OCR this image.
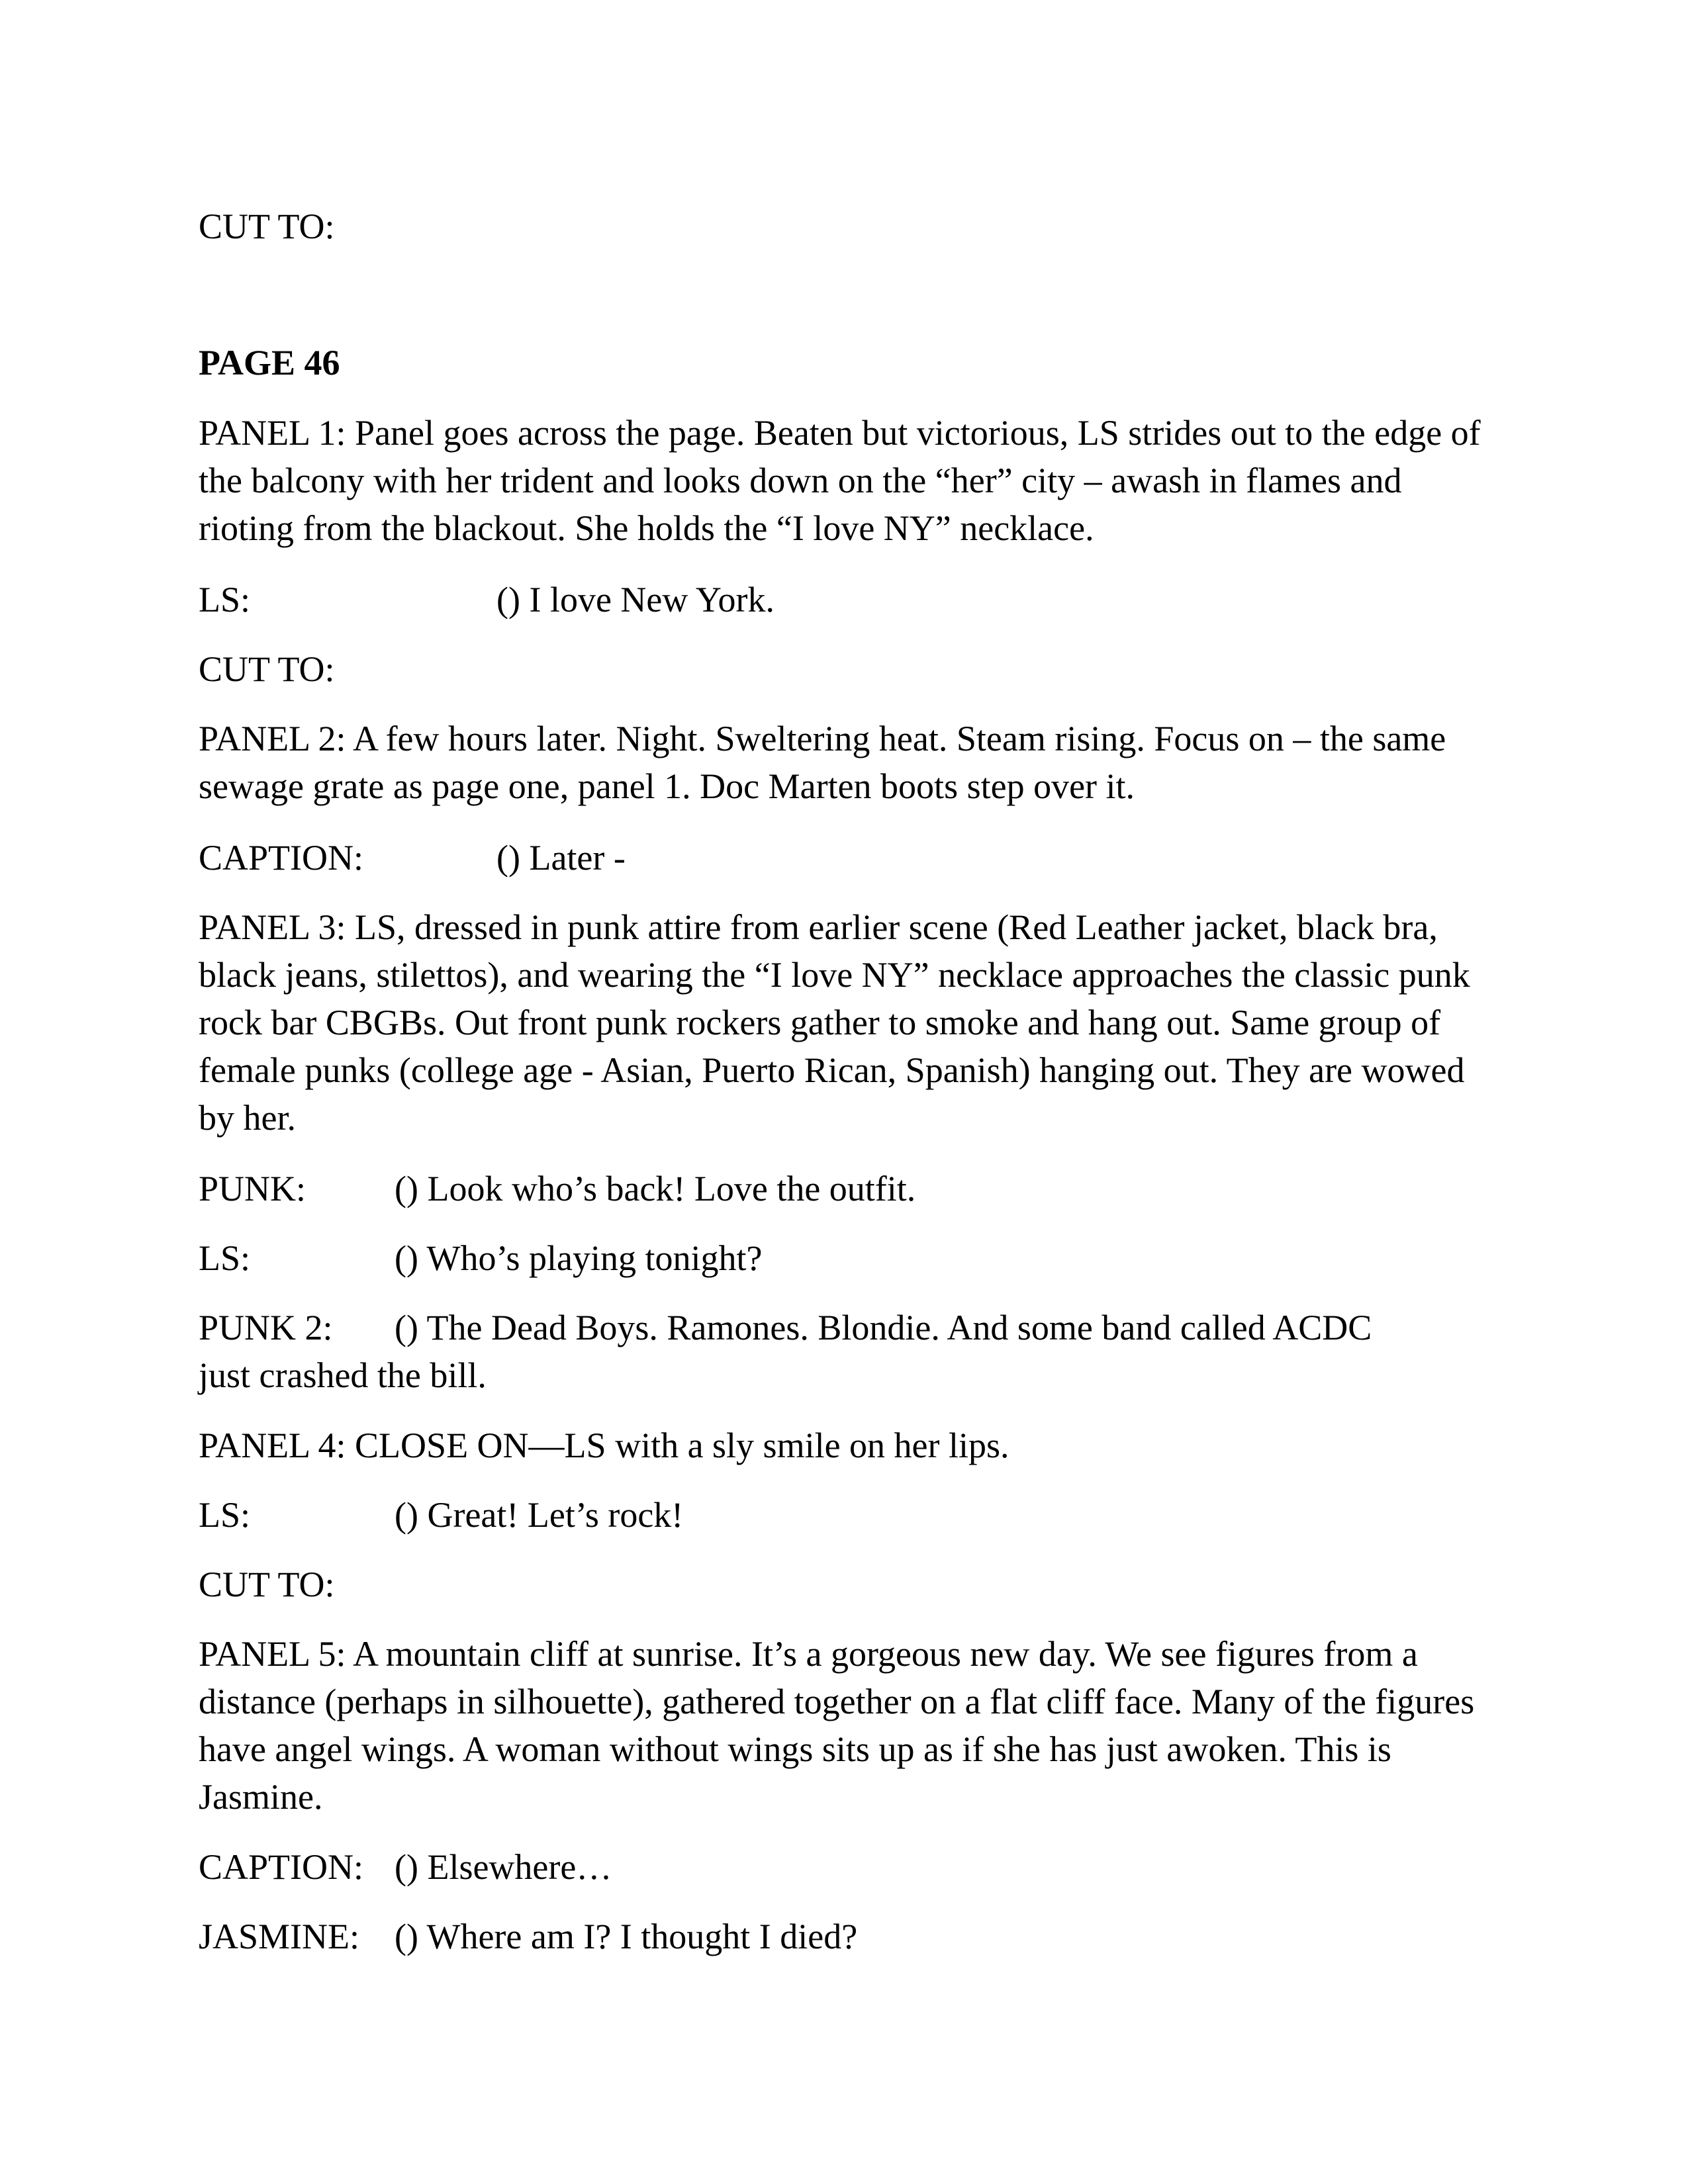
CUT TO:
PAGE 46

PANEL 1: Panel goes across the page. Beaten but victorious, LS strides out to the edge of the balcony with her trident and looks down on the “her” city – awash in flames and rioting from the blackout. She holds the “I love NY” necklace.

LS:	() I love New York.
CUT TO:

PANEL 2: A few hours later. Night. Sweltering heat. Steam rising. Focus on – the same sewage grate as page one, panel 1. Doc Marten boots step over it.

CAPTION:	() Later -

PANEL 3: LS, dressed in punk attire from earlier scene (Red Leather jacket, black bra, black jeans, stilettos), and wearing the “I love NY” necklace approaches the classic punk rock bar CBGBs. Out front punk rockers gather to smoke and hang out. Same group of female punks (college age - Asian, Puerto Rican, Spanish) hanging out. They are wowed by her.

PUNK: () Look who’s back! Love the outfit.
LS:	() Who’s playing tonight?
PUNK 2: () The Dead Boys. Ramones. Blondie. And some band called ACDC
just crashed the bill.

PANEL 4: CLOSE ON—LS with a sly smile on her lips.

LS:	() Great! Let’s rock!
CUT TO:

PANEL 5: A mountain cliff at sunrise. It’s a gorgeous new day. We see figures from a distance (perhaps in silhouette), gathered together on a flat cliff face. Many of the figures have angel wings. A woman without wings sits up as if she has just awoken. This is Jasmine.

CAPTION: () Elsewhere…
JASMINE: () Where am I? I thought I died?
